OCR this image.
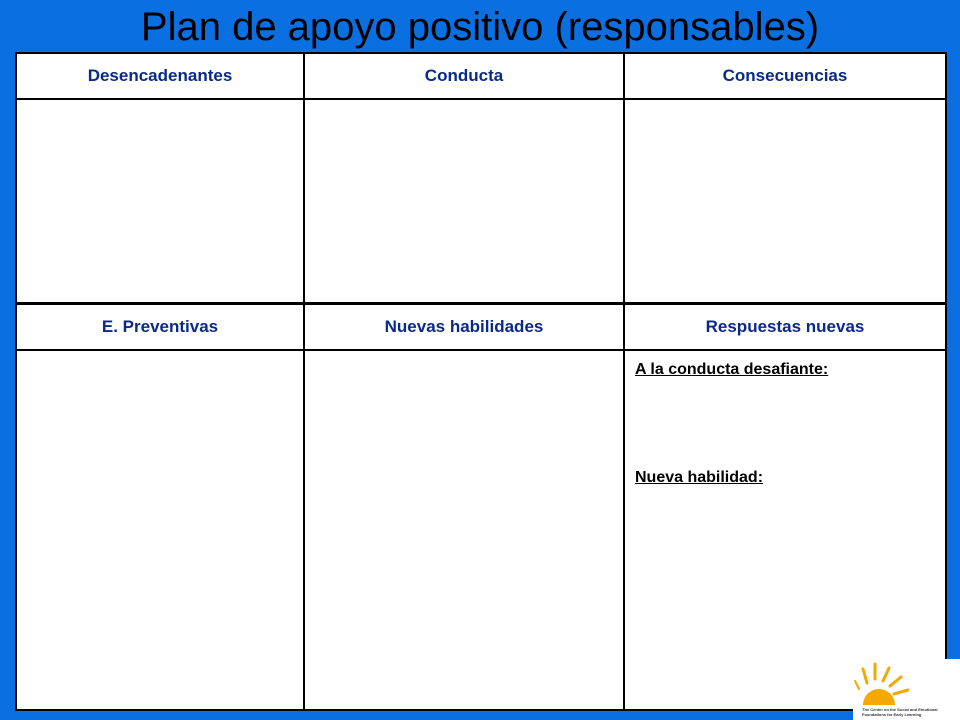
Plan de apoyo positivo (responsables)
Desencadenantes	Conducta	Consecuencias

E. Preventivas	Nuevas habilidades	Respuestas nuevas

		A la conducta desafiante:
Nueva habilidad:
The Center on the Social and Emotional Foundations for Early Learning
